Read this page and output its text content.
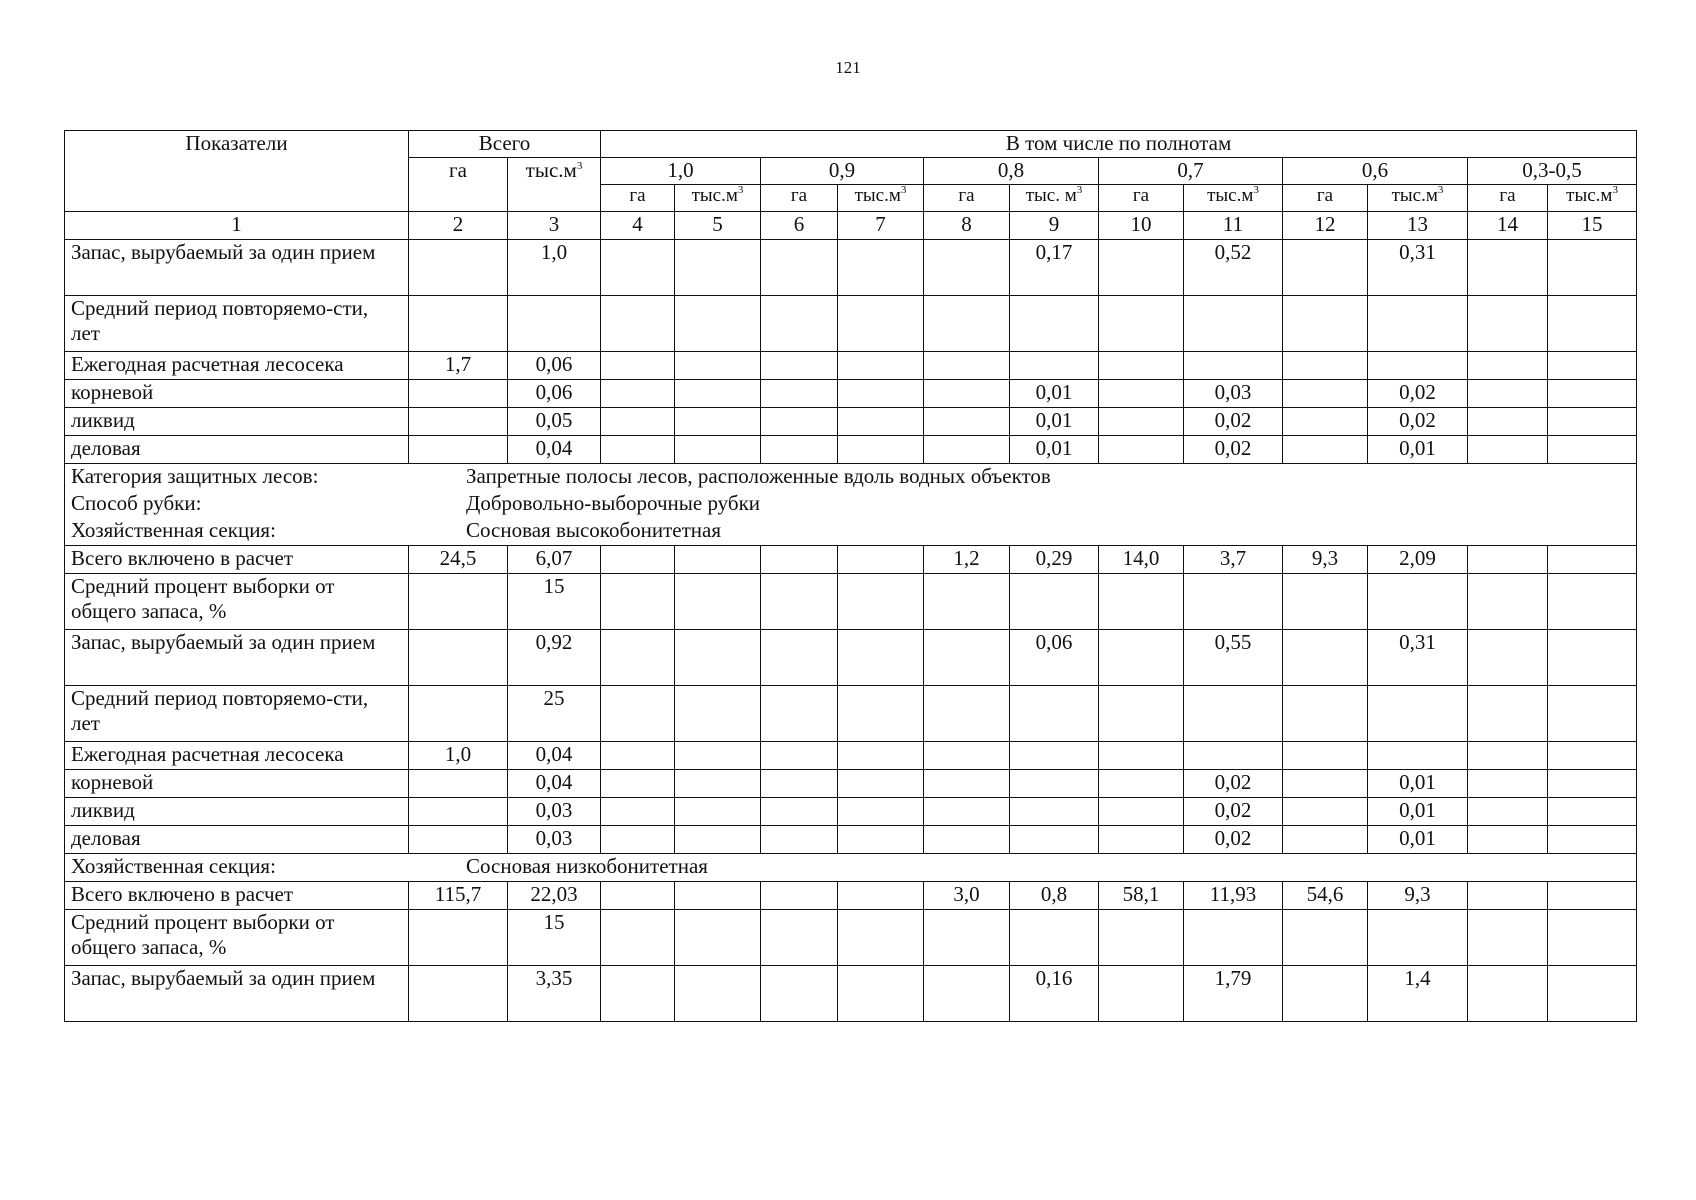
121
Показатели	Всего		В том числе по полнотам											
	га	$тыс.м^3$	1,0		0,9		0,8		0,7		0,6		0,3-0,5	
			га	$тыс.м^3$	га	$тыс.м^3$	га	тыс. $м^3$	га	$тыс.м^3$	га	$тыс.м^3$	га	$тыс.м^3$
1	2	3	4	5	6	7	8	9	10	11	12	13	14	15
Запас, вырубаемый за один прием		1,0						0,17		0,52		0,31		
Средний период повторяемо-сти, лет														
Ежегодная расчетная лесосека	1,7	0,06												
корневой		0,06						0,01		0,03		0,02		
ликвид		0,05						0,01		0,02		0,02		
деловая		0,04						0,01		0,02		0,01		

Категория защитных лесов: Запретные полосы лесов, расположенные вдоль водных объектов														

Способ рубки: Добровольно-выборочные рубки														

Хозяйственная секция: Сосновая высокобонитетная														

Всего включено в расчет	24,5	6,07					1,2	0,29	14,0	3,7	9,3	2,09		
Средний процент выборки от общего запаса, %		15												
Запас, вырубаемый за один прием		0,92						0,06		0,55		0,31		
Средний период повторяемо-сти, лет		25												
Ежегодная расчетная лесосека	1,0	0,04												
корневой		0,04								0,02		0,01		
ликвид		0,03								0,02		0,01		
деловая		0,03								0,02		0,01		

Хозяйственная секция: Сосновая низкобонитетная														

Всего включено в расчет	115,7	22,03					3,0	0,8	58,1	11,93	54,6	9,3		
Средний процент выборки от общего запаса, %		15												
Запас, вырубаемый за один прием		3,35						0,16		1,79		1,4		
